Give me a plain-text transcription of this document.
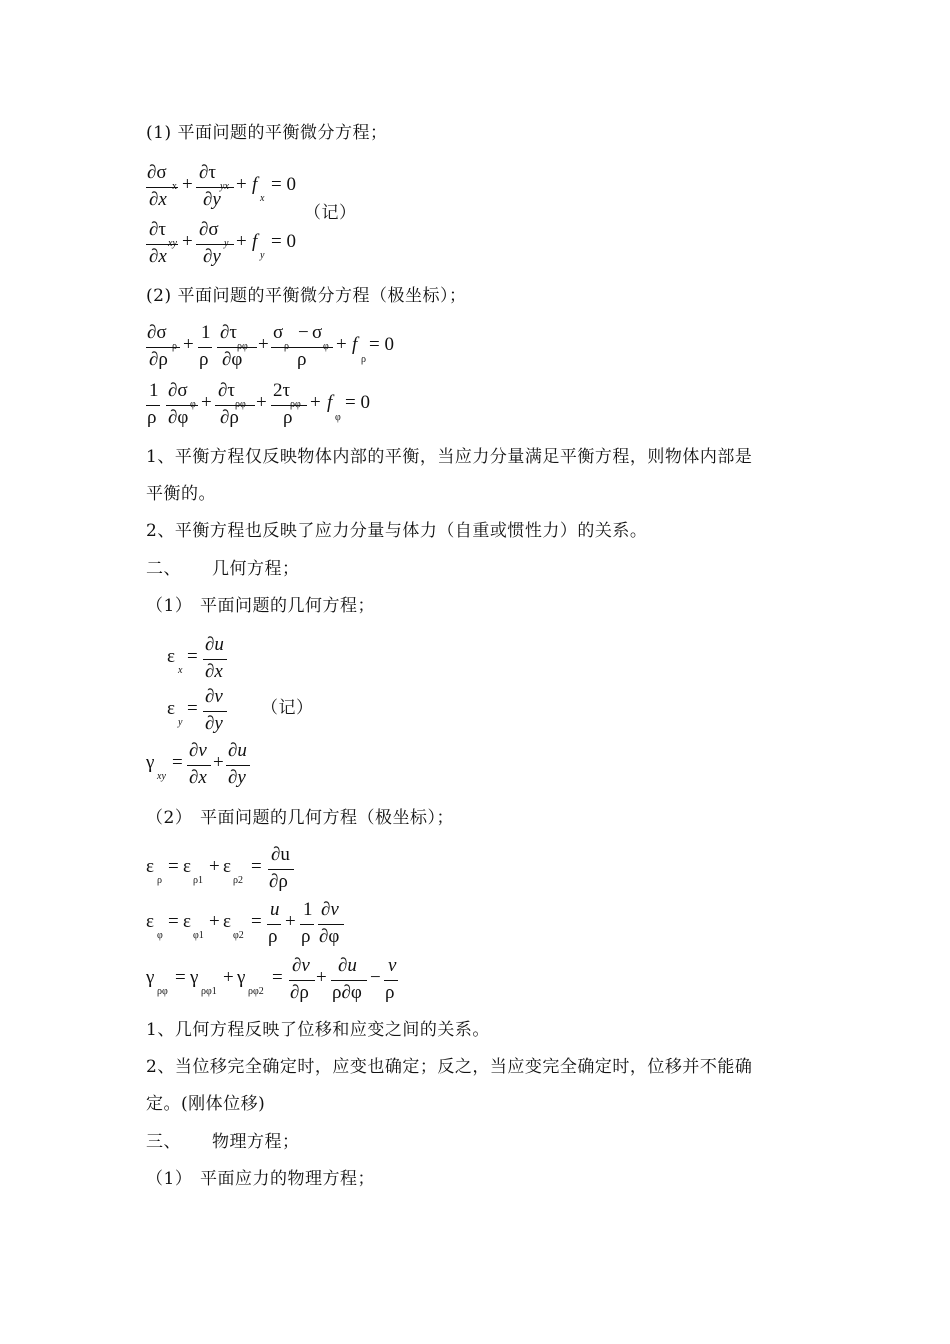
(1) 平面问题的平衡微分方程；
∂σ
x
∂x
+
∂τ
yx
∂y
+ f
x
= 0
∂τ
xy
∂x
+
∂σ
y
∂y
+ f
y
= 0
（记）
(2) 平面问题的平衡微分方程（极坐标）；
∂σ
ρ
∂ρ
+
1
ρ
∂τ
ρφ
∂φ
+
σ − σ
ρ	φ
ρ
+ f
ρ
= 0
1
ρ
∂σ
φ
∂φ
+
∂τ
ρφ
∂ρ
+
2τ
ρφ
ρ
+ f
φ
= 0
1、平衡方程仅反映物体内部的平衡，当应力分量满足平衡方程，则物体内部是
平衡的。
2、平衡方程也反映了应力分量与体力（自重或惯性力）的关系。
二、 几何方程；
（1） 平面问题的几何方程；
ε
x
=
∂u
∂x
ε
y
=
∂v
∂y
（记）
γ
xy
=
∂v
∂x
+
∂u
∂y
（2） 平面问题的几何方程（极坐标）；
ε
ρ
= ε
ρ1
+ ε
ρ2
=
∂u
∂ρ
ε
φ
= ε
φ1
+ ε
φ2
=
u
ρ
+
1
ρ
∂v
∂φ
γ
ρφ
= γ
ρφ1
+ γ
ρφ2
=
∂v
∂ρ
+
∂u
ρ∂φ
−
v
ρ
1、几何方程反映了位移和应变之间的关系。
2、当位移完全确定时，应变也确定；反之，当应变完全确定时，位移并不能确
定。(刚体位移)
三、 物理方程；
（1） 平面应力的物理方程；
